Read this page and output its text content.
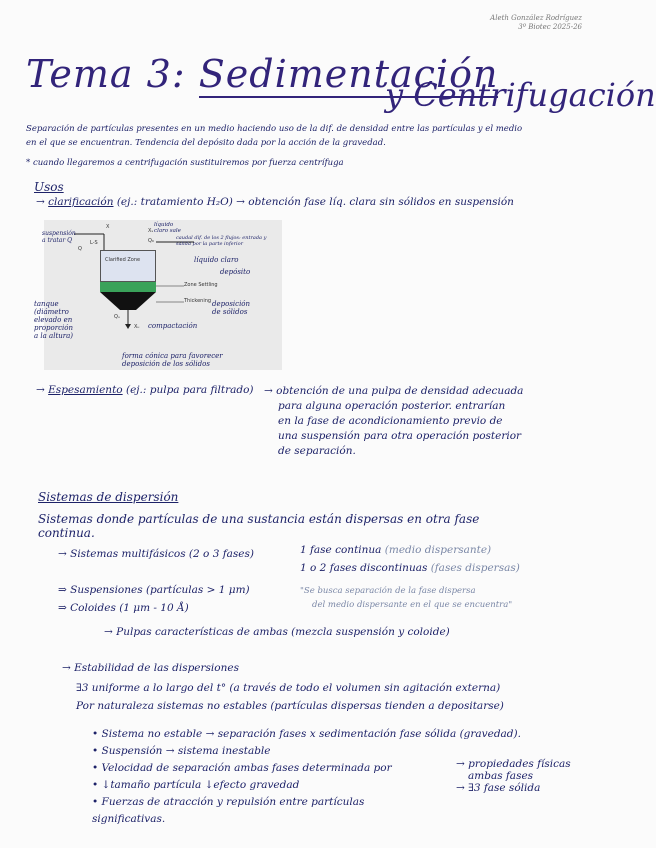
Aleth González Rodríguez
3º Biotec 2025-26
Tema 3: Sedimentación
y Centrifugación
Separación de partículas presentes en un medio haciendo uso de la dif. de densidad entre las partículas y el medio
en el que se encuentran. Tendencia del depósito dada por la acción de la gravedad.
* cuando llegaremos a centrifugación sustituiremos por fuerza centrífuga
Usos
→ clarificación (ej.: tratamiento H₂O) → obtención fase líq. clara sin sólidos en suspensión
Clarified Zone
Zone Settling
Thickening
X
L-S
Q
Q₀
Qᵤ
Xᵤ
Xₛ
suspensión a tratar Q
líquido claro sale
caudal dif. de los 2 flujos: entrada y salida por la parte inferior
líquido claro
depósito
deposición de sólidos
tanque (diámetro elevado en proporción a la altura)
compactación
forma cónica para favorecer deposición de los sólidos
→ Espesamiento (ej.: pulpa para filtrado) → obtención de una pulpa de densidad adecuada
para alguna operación posterior. entrarían
en la fase de acondicionamiento previo de
una suspensión para otra operación posterior
de separación.
Sistemas de dispersión
Sistemas donde partículas de una sustancia están dispersas en otra fase
continua.
→ Sistemas multifásicos (2 o 3 fases)	1 fase continua (medio dispersante)
1 o 2 fases discontinuas (fases dispersas)
⇒ Suspensiones (partículas > 1 μm)
⇒ Coloides (1 μm - 10 Å)
"Se busca separación de la fase dispersa
del medio dispersante en el que se encuentra"
→ Pulpas características de ambas (mezcla suspensión y coloide)
→ Estabilidad de las dispersiones
∃3 uniforme a lo largo del t° (a través de todo el volumen sin agitación externa)
Por naturaleza sistemas no estables (partículas dispersas tienden a depositarse)
• Sistema no estable → separación fases x sedimentación fase sólida (gravedad).
• Suspensión → sistema inestable
• Velocidad de separación ambas fases determinada por
• ↓tamaño partícula ↓efecto gravedad
• Fuerzas de atracción y repulsión entre partículas
significativas.
→ propiedades físicas
ambas fases
→ ∃3 fase sólida
